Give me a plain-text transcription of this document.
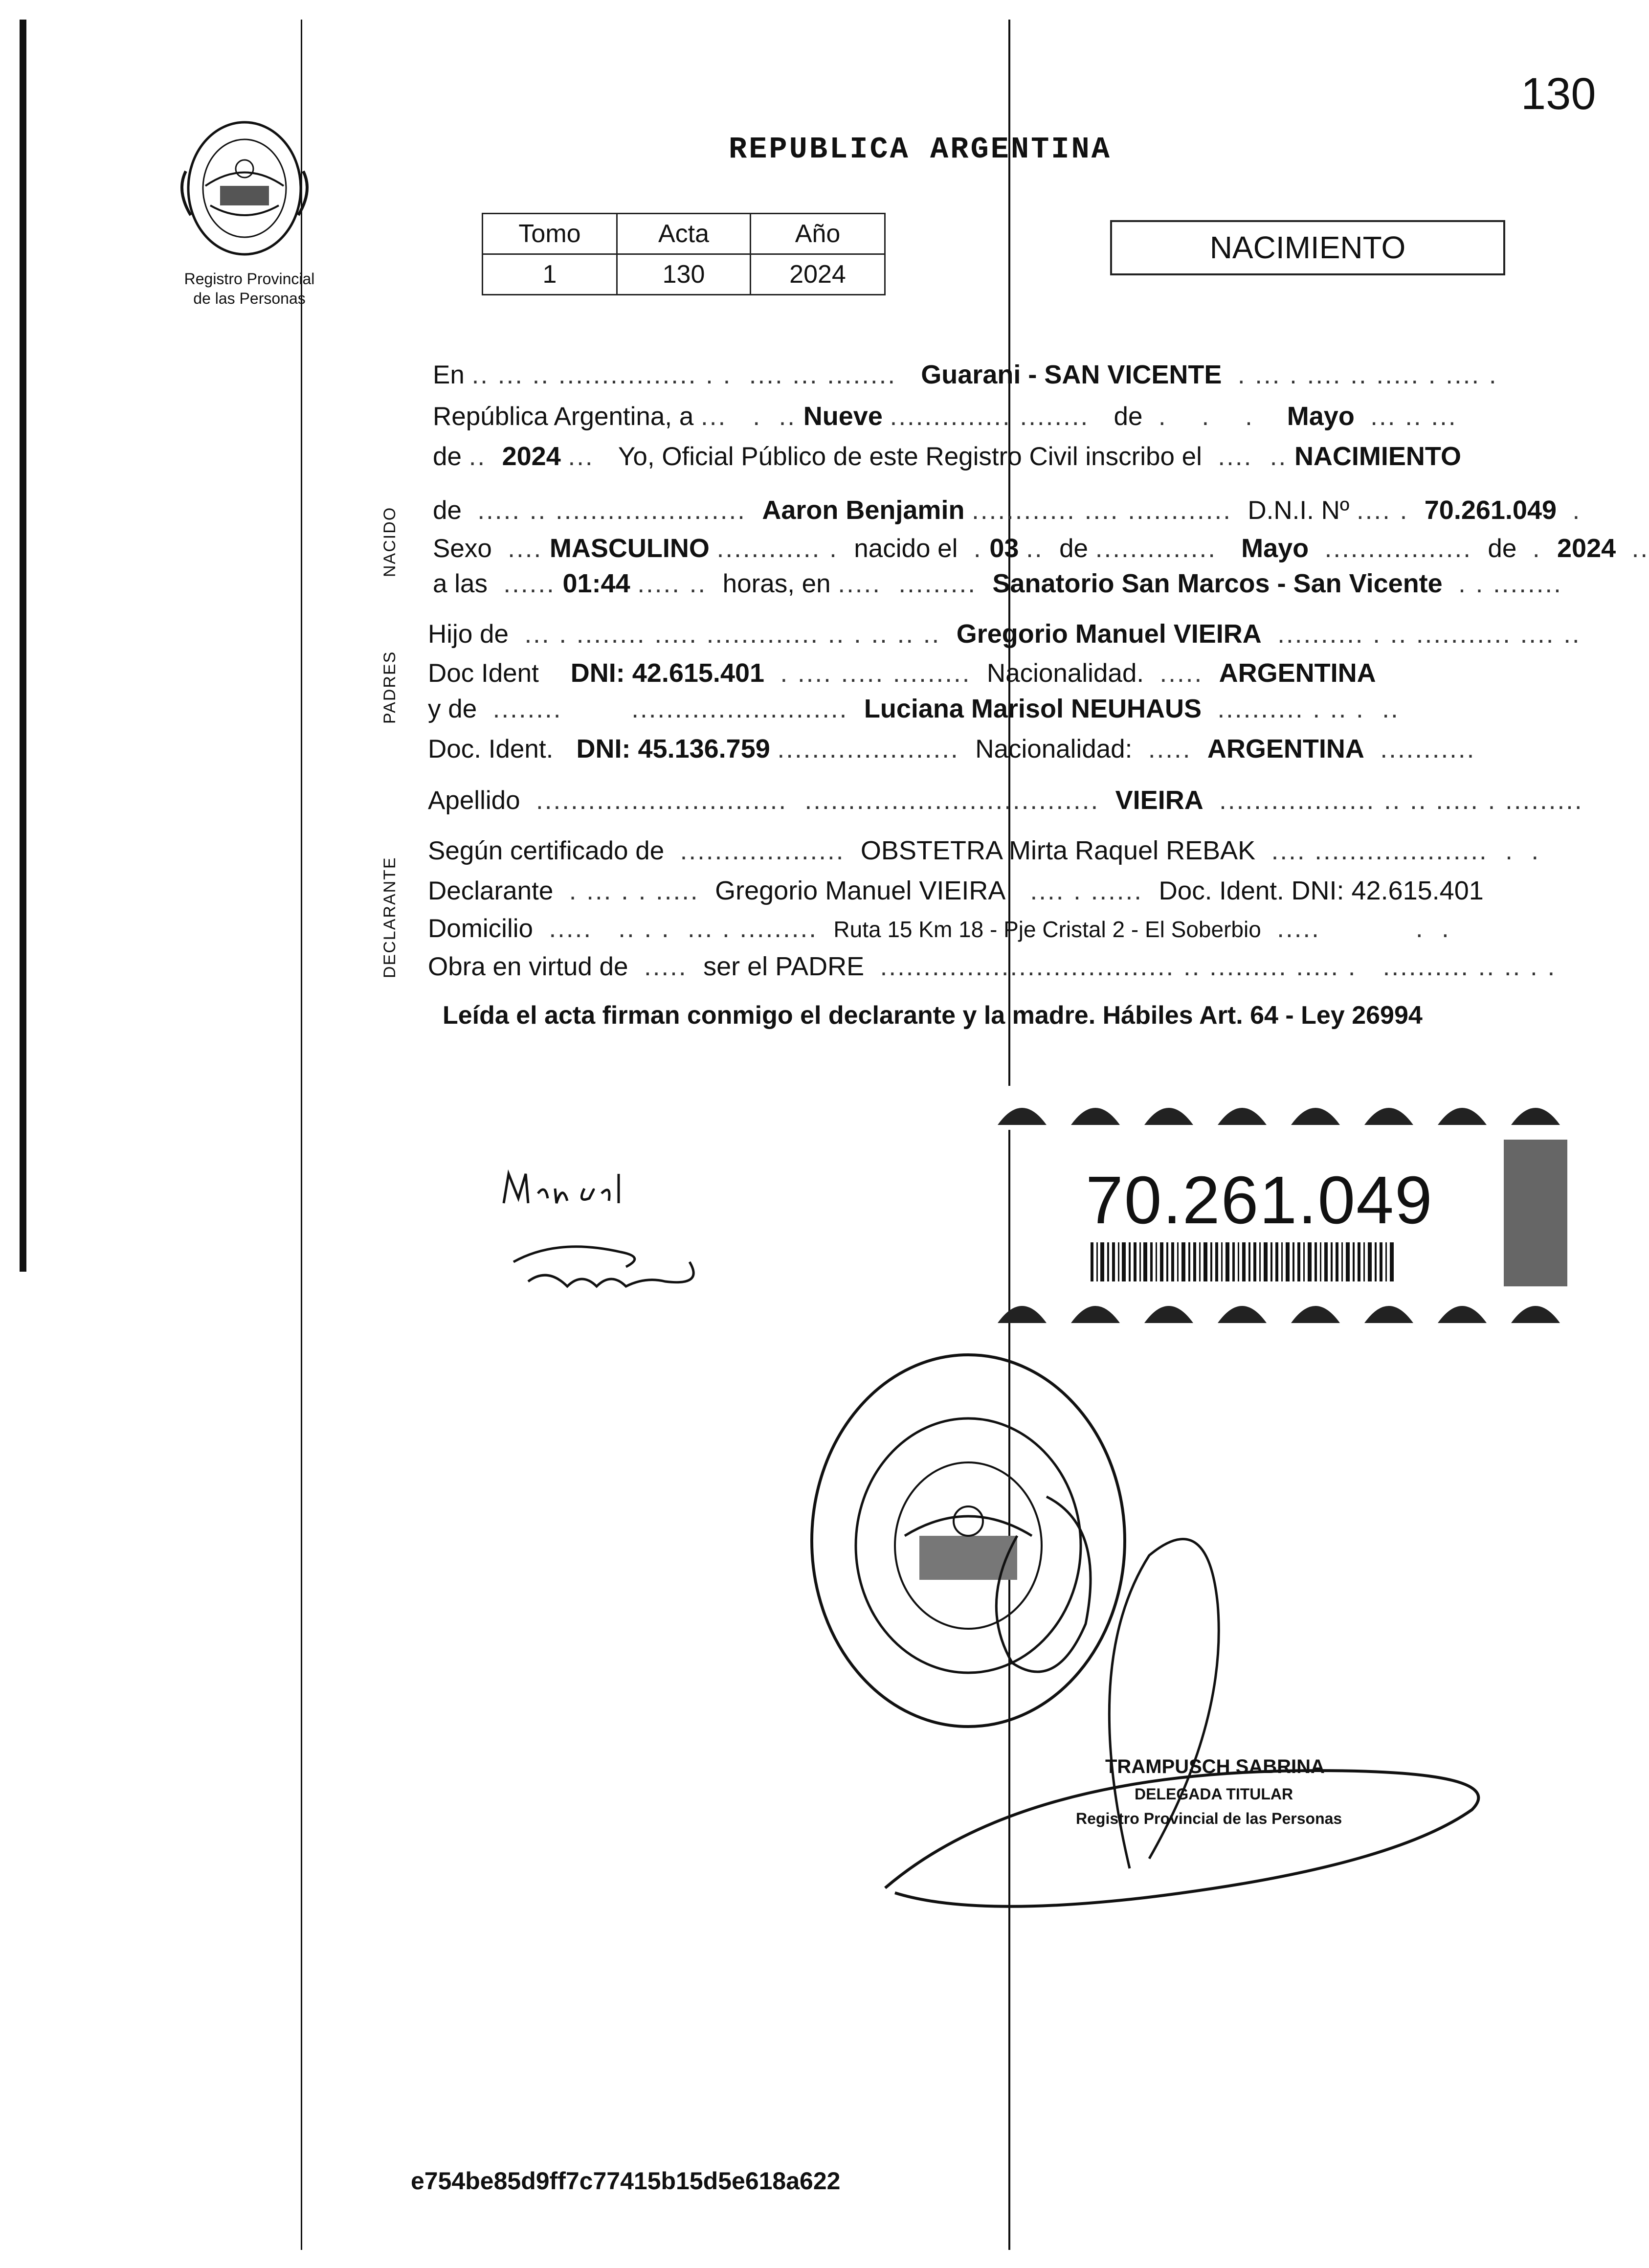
130
Registro Provincial
de las Personas
REPUBLICA ARGENTINA
Tomo	Acta	Año
1	130	2024
NACIMIENTO
NACIDO
PADRES
DECLARANTE
En .. ... .. ................ . .  .... ... ........   Guarani - SAN VICENTE  . ... . .... .. ..... . .... .
República Argentina, a ...   .  .. Nueve .............. ........   de  .    .    .    Mayo  ... .. ...
de ..  2024 ...   Yo, Oficial Público de este Registro Civil inscribo el  ....  .. NACIMIENTO
de  ..... .. ......................  Aaron Benjamin ............ .... ............  D.N.I. Nº .... .  70.261.049  .
Sexo  .... MASCULINO ............ .  nacido el  . 03 ..  de ..............   Mayo  .................  de  .  2024  ..
a las  ...... 01:44 ..... ..  horas, en .....  .........  Sanatorio San Marcos - San Vicente  . . ........
Hijo de  ... . ........ ..... ............. .. . .. .. ..  Gregorio Manuel VIEIRA  .......... . .. ........... .... ..
Doc Ident DNI: 42.615.401  . .... ..... .........  Nacionalidad.  .....  ARGENTINA
y de  ........        .........................  Luciana Marisol NEUHAUS  .......... . .. .  ..
Doc. Ident. DNI: 45.136.759 .....................  Nacionalidad:  .....  ARGENTINA  ...........
Apellido  .............................  ..................................  VIEIRA  .................. .. .. ..... . .........
Según certificado de  ...................  OBSTETRA Mirta Raquel REBAK  .... ....................  .  .
Declarante  . ... . . .....  Gregorio Manuel VIEIRA   .... . ......  Doc. Ident. DNI: 42.615.401
Domicilio  .....   .. . .  ... . .........  Ruta 15 Km 18 - Pje Cristal 2 - El Soberbio  .....           .  .
Obra en virtud de  .....  ser el PADRE  .................................. .. ......... ..... .   .......... .. .. . .
Leída el acta firman conmigo el declarante y la madre. Hábiles Art. 64 - Ley 26994
70.261.049
TRAMPUSCH SABRINA
DELEGADA TITULAR
Registro Provincial de las Personas
e754be85d9ff7c77415b15d5e618a622
